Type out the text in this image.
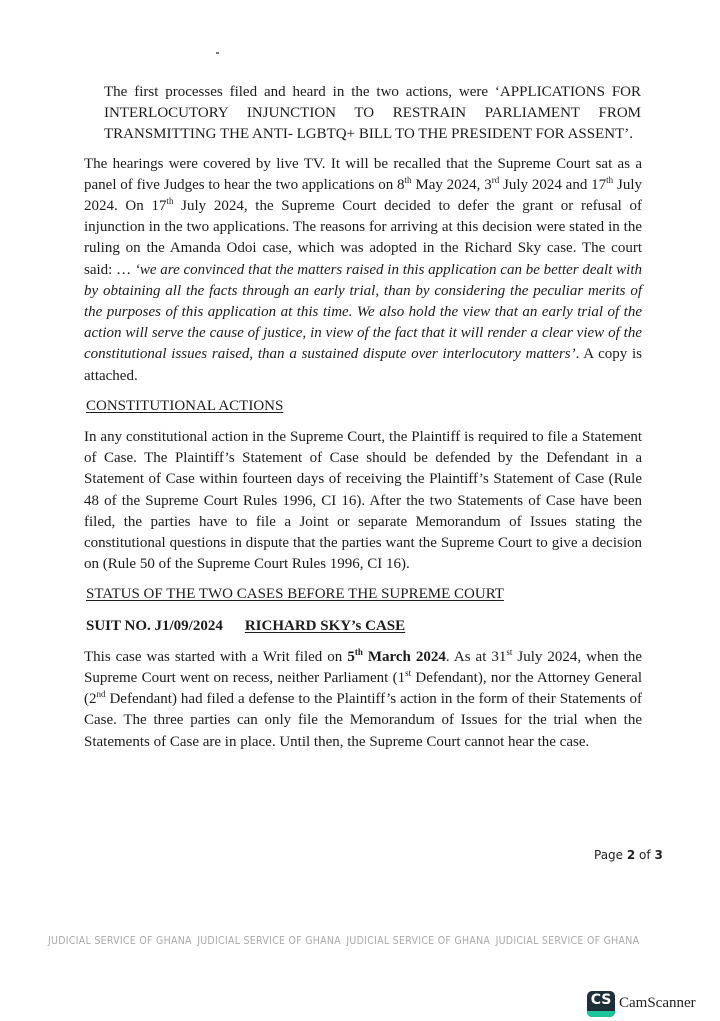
The first processes filed and heard in the two actions, were ‘APPLICATIONS FOR

INTERLOCUTORY INJUNCTION TO RESTRAIN PARLIAMENT FROM

TRANSMITTING THE ANTI- LGBTQ+ BILL TO THE PRESIDENT FOR ASSENT’.

The hearings were covered by live TV. It will be recalled that the Supreme Court sat as a panel of five Judges to hear the two applications on 8th May 2024, 3rd July 2024 and 17th July 2024. On 17th July 2024, the Supreme Court decided to defer the grant or refusal of injunction in the two applications. The reasons for arriving at this decision were stated in the ruling on the Amanda Odoi case, which was adopted in the Richard Sky case. The court said: … ‘we are convinced that the matters raised in this application can be better dealt with by obtaining all the facts through an early trial, than by considering the peculiar merits of the purposes of this application at this time. We also hold the view that an early trial of the action will serve the cause of justice, in view of the fact that it will render a clear view of the constitutional issues raised, than a sustained dispute over interlocutory matters’. A copy is attached.

CONSTITUTIONAL ACTIONS

In any constitutional action in the Supreme Court, the Plaintiff is required to file a Statement of Case. The Plaintiff’s Statement of Case should be defended by the Defendant in a Statement of Case within fourteen days of receiving the Plaintiff’s Statement of Case (Rule 48 of the Supreme Court Rules 1996, CI 16). After the two Statements of Case have been filed, the parties have to file a Joint or separate Memorandum of Issues stating the constitutional questions in dispute that the parties want the Supreme Court to give a decision on (Rule 50 of the Supreme Court Rules 1996, CI 16).

STATUS OF THE TWO CASES BEFORE THE SUPREME COURT
SUIT NO. J1/09/2024 RICHARD SKY’s CASE

This case was started with a Writ filed on 5th March 2024. As at 31st July 2024, when the Supreme Court went on recess, neither Parliament (1st Defendant), nor the Attorney General (2nd Defendant) had filed a defense to the Plaintiff’s action in the form of their Statements of Case. The three parties can only file the Memorandum of Issues for the trial when the Statements of Case are in place. Until then, the Supreme Court cannot hear the case.

Page 2 of 3
JUDICIAL SERVICE OF GHANA JUDICIAL SERVICE OF GHANA JUDICIAL SERVICE OF GHANA JUDICIAL SERVICE OF GHANA
CS CamScanner
